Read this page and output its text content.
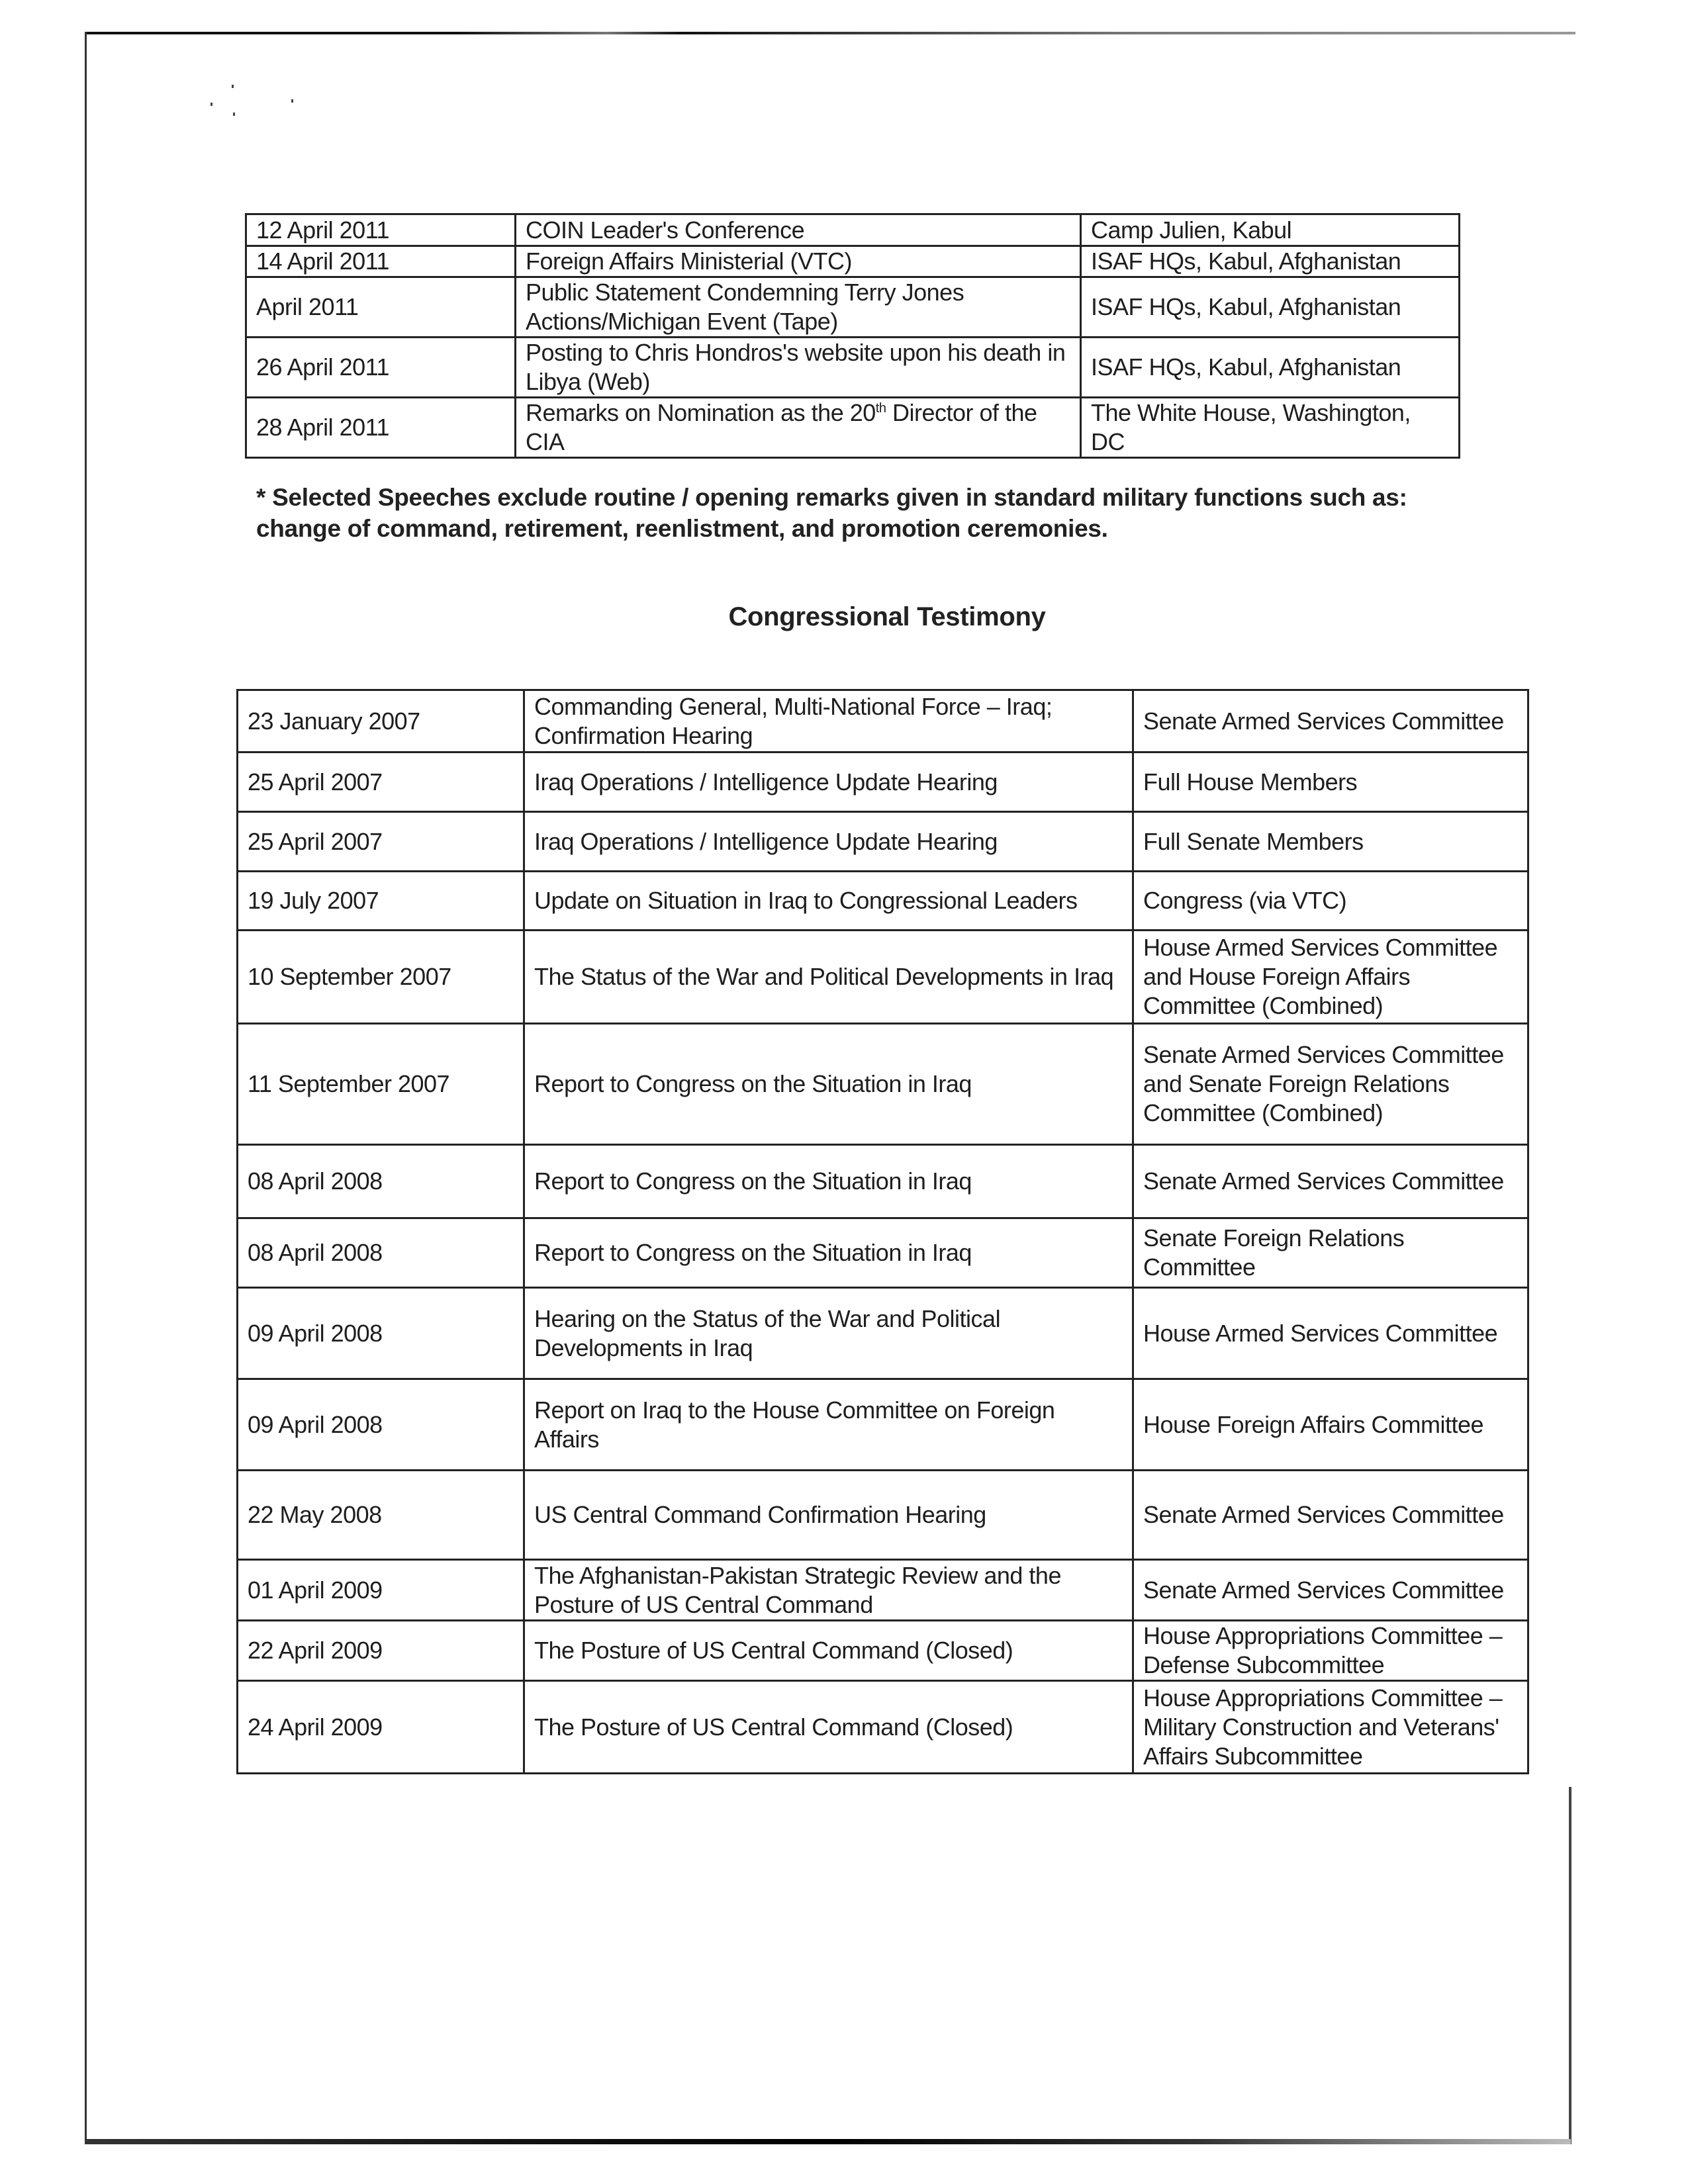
12 April 2011	COIN Leader's Conference	Camp Julien, Kabul
14 April 2011	Foreign Affairs Ministerial (VTC)	ISAF HQs, Kabul, Afghanistan
April 2011	Public Statement Condemning Terry Jones Actions/Michigan Event (Tape)	ISAF HQs, Kabul, Afghanistan
26 April 2011	Posting to Chris Hondros's website upon his death in Libya (Web)	ISAF HQs, Kabul, Afghanistan
28 April 2011	Remarks on Nomination as the 20th Director of the CIA	The White House, Washington, DC
* Selected Speeches exclude routine / opening remarks given in standard military functions such as: change of command, retirement, reenlistment, and promotion ceremonies.
Congressional Testimony
23 January 2007	Commanding General, Multi-National Force – Iraq; Confirmation Hearing	Senate Armed Services Committee
25 April 2007	Iraq Operations / Intelligence Update Hearing	Full House Members
25 April 2007	Iraq Operations / Intelligence Update Hearing	Full Senate Members
19 July 2007	Update on Situation in Iraq to Congressional Leaders	Congress (via VTC)
10 September 2007	The Status of the War and Political Developments in Iraq	House Armed Services Committee and House Foreign Affairs Committee (Combined)
11 September 2007	Report to Congress on the Situation in Iraq	Senate Armed Services Committee and Senate Foreign Relations Committee (Combined)
08 April 2008	Report to Congress on the Situation in Iraq	Senate Armed Services Committee
08 April 2008	Report to Congress on the Situation in Iraq	Senate Foreign Relations Committee
09 April 2008	Hearing on the Status of the War and Political Developments in Iraq	House Armed Services Committee
09 April 2008	Report on Iraq to the House Committee on Foreign Affairs	House Foreign Affairs Committee
22 May 2008	US Central Command Confirmation Hearing	Senate Armed Services Committee
01 April 2009	The Afghanistan-Pakistan Strategic Review and the Posture of US Central Command	Senate Armed Services Committee
22 April 2009	The Posture of US Central Command (Closed)	House Appropriations Committee – Defense Subcommittee
24 April 2009	The Posture of US Central Command (Closed)	House Appropriations Committee – Military Construction and Veterans' Affairs Subcommittee
